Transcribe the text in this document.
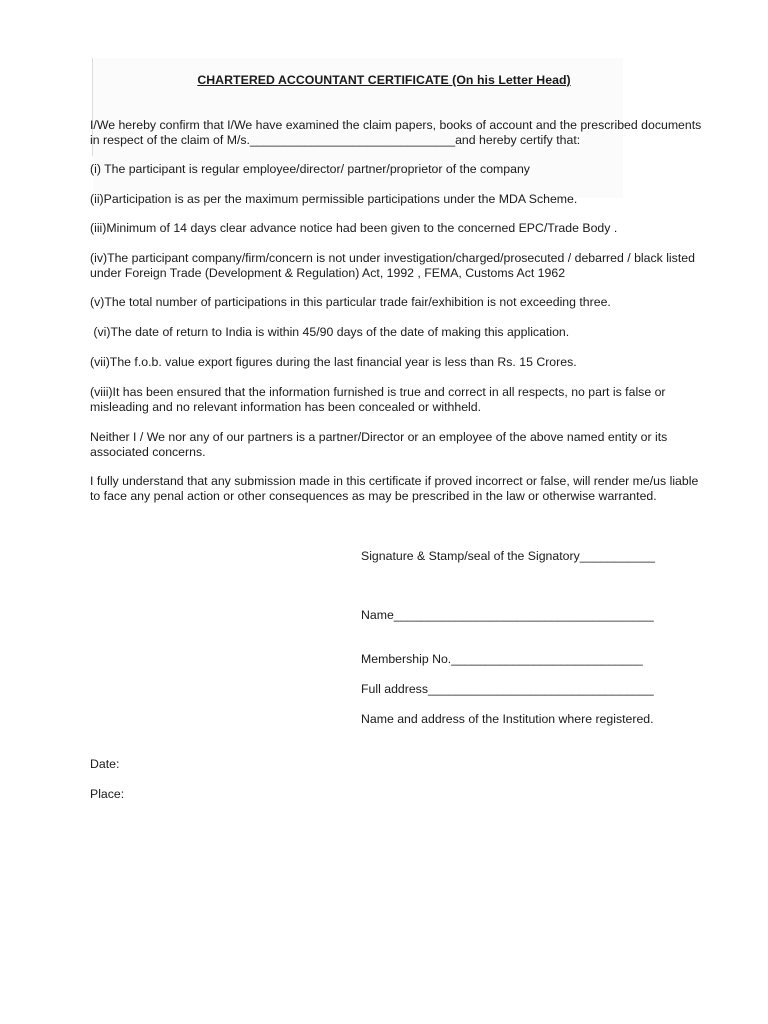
CHARTERED ACCOUNTANT CERTIFICATE (On his Letter Head)

I/We hereby confirm that I/We have examined the claim papers, books of account and the prescribed documents
in respect of the claim of M/s.______________________________and hereby certify that:

(i) The participant is regular employee/director/ partner/proprietor of the company

(ii)Participation is as per the maximum permissible participations under the MDA Scheme.

(iii)Minimum of 14 days clear advance notice had been given to the concerned EPC/Trade Body .

(iv)The participant company/firm/concern is not under investigation/charged/prosecuted / debarred / black listed
under Foreign Trade (Development & Regulation) Act, 1992 , FEMA, Customs Act 1962

(v)The total number of participations in this particular trade fair/exhibition is not exceeding three.

(vi)The date of return to India is within 45/90 days of the date of making this application.

(vii)The f.o.b. value export figures during the last financial year is less than Rs. 15 Crores.

(viii)It has been ensured that the information furnished is true and correct in all respects, no part is false or
misleading and no relevant information has been concealed or withheld.

Neither I / We nor any of our partners is a partner/Director or an employee of the above named entity or its
associated concerns.

I fully understand that any submission made in this certificate if proved incorrect or false, will render me/us liable
to face any penal action or other consequences as may be prescribed in the law or otherwise warranted.

Signature & Stamp/seal of the Signatory___________

Name______________________________________

Membership No.____________________________

Full address_________________________________

Name and address of the Institution where registered.

Date:

Place:
